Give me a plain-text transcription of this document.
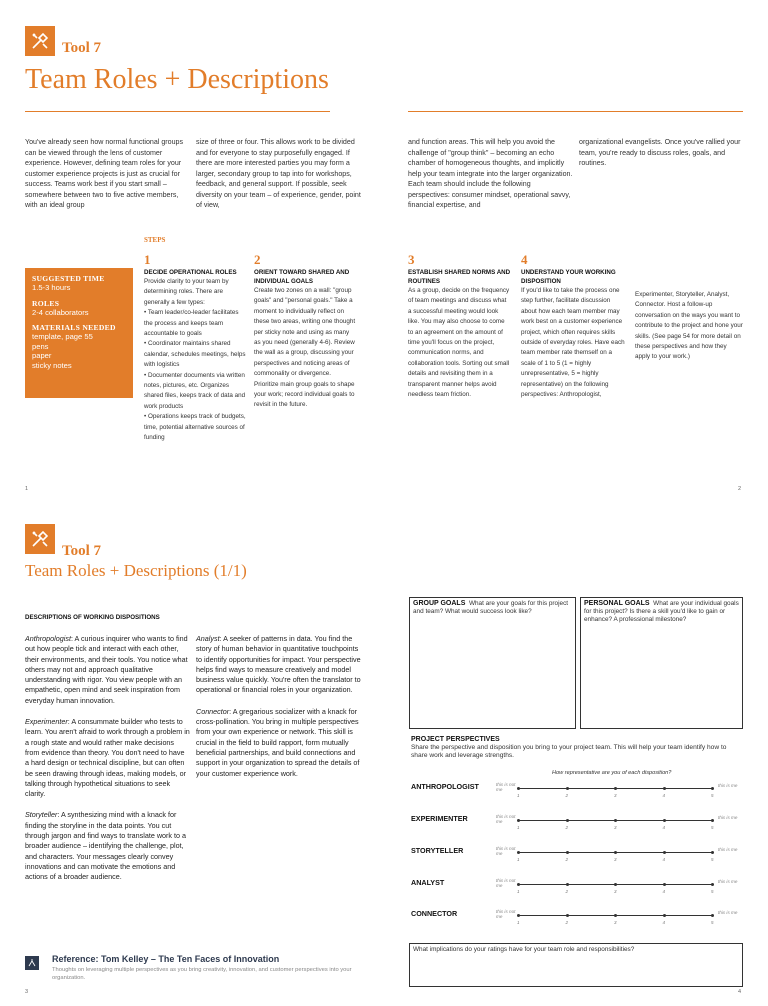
Tool 7
Team Roles + Descriptions
You've already seen how normal functional groups can be viewed through the lens of customer experience. However, defining team roles for your customer experience projects is just as crucial for success. Teams work best if you start small – somewhere between two to five active members, with an ideal group
size of three or four. This allows work to be divided and for everyone to stay purposefully engaged. If there are more interested parties you may form a larger, secondary group to tap into for workshops, feedback, and general support. If possible, seek diversity on your team – of experience, gender, point of view,
and function areas. This will help you avoid the challenge of "group think" – becoming an echo chamber of homogeneous thoughts, and implicitly help your team integrate into the larger organization. Each team should include the following perspectives: consumer mindset, operational savvy, financial expertise, and
organizational evangelists. Once you've rallied your team, you're ready to discuss roles, goals, and routines.
STEPS
SUGGESTED TIME
1.5-3 hours
ROLES
2-4 collaborators
MATERIALS NEEDED
template, page 55
pens
paper
sticky notes
1
DECIDE OPERATIONAL ROLES
Provide clarity to your team by determining roles. There are generally a few types:
• Team leader/co-leader facilitates the process and keeps team accountable to goals
• Coordinator maintains shared calendar, schedules meetings, helps with logistics
• Documenter documents via written notes, pictures, etc. Organizes shared files, keeps track of data and work products
• Operations keeps track of budgets, time, potential alternative sources of funding
2
ORIENT TOWARD SHARED AND INDIVIDUAL GOALS
Create two zones on a wall: "group goals" and "personal goals." Take a moment to individually reflect on these two areas, writing one thought per sticky note and using as many as you need (generally 4-6). Review the wall as a group, discussing your perspectives and noticing areas of commonality or divergence. Prioritize main group goals to shape your work; record individual goals to revisit in the future.
3
ESTABLISH SHARED NORMS AND ROUTINES
As a group, decide on the frequency of team meetings and discuss what a successful meeting would look like. You may also choose to come to an agreement on the amount of time you'll focus on the project, communication norms, and collaboration tools. Sorting out small details and revisiting them in a transparent manner helps avoid needless team friction.
4
UNDERSTAND YOUR WORKING DISPOSITION
If you'd like to take the process one step further, facilitate discussion about how each team member may work best on a customer experience project, which often requires skills outside of everyday roles. Have each team member rate themself on a scale of 1 to 5 (1 = highly unrepresentative, 5 = highly representative) on the following perspectives: Anthropologist,
Experimenter, Storyteller, Analyst, Connector. Host a follow-up conversation on the ways you want to contribute to the project and hone your skills. (See page 54 for more detail on these perspectives and how they apply to your work.)
1	2
Tool 7
Team Roles + Descriptions (1/1)
DESCRIPTIONS OF WORKING DISPOSITIONS
Anthropologist: A curious inquirer who wants to find out how people tick and interact with each other, their environments, and their tools. You notice what others may not and approach qualitative understanding with rigor. You view people with an empathetic, open mind and seek inspiration from everyday human innovation.
Experimenter: A consummate builder who tests to learn. You aren't afraid to work through a problem in a rough state and would rather make decisions from evidence than theory. You don't need to have a hard design or technical discipline, but can often be seen drawing through ideas, making models, or talking through hypothetical situations to seek clarity.
Storyteller: A synthesizing mind with a knack for finding the storyline in the data points. You cut through jargon and find ways to translate work to a broader audience – identifying the challenge, plot, and characters. Your messages clearly convey innovations and can motivate the emotions and actions of a broader audience.
Analyst: A seeker of patterns in data. You find the story of human behavior in quantitative touchpoints to identify opportunities for impact. Your perspective helps find ways to measure creatively and model business value quickly. You're often the translator to operational or financial roles in your organization.
Connector: A gregarious socializer with a knack for cross-pollination. You bring in multiple perspectives from your own experience or network. This skill is crucial in the field to build rapport, form mutually beneficial partnerships, and build connections and support in your organization to spread the details of your customer experience work.
GROUP GOALS What are your goals for this project and team? What would success look like?
PERSONAL GOALS What are your individual goals for this project? Is there a skill you'd like to gain or enhance? A professional milestone?
PROJECT PERSPECTIVES
Share the perspective and disposition you bring to your project team. This will help your team identify how to share work and leverage strengths.
How representative are you of each disposition?
ANTHROPOLOGIST	this is not me
this is me
1	2	3	4	5
EXPERIMENTER	this is not me
this is me
1	2	3	4	5
STORYTELLER	this is not me
this is me
1	2	3	4	5
ANALYST	this is not me
this is me
1	2	3	4	5
CONNECTOR	this is not me
this is me
1	2	3	4	5
What implications do your ratings have for your team role and responsibilities?
Reference: Tom Kelley – The Ten Faces of Innovation
Thoughts on leveraging multiple perspectives as you bring creativity, innovation, and customer perspectives into your organization.
3	4
